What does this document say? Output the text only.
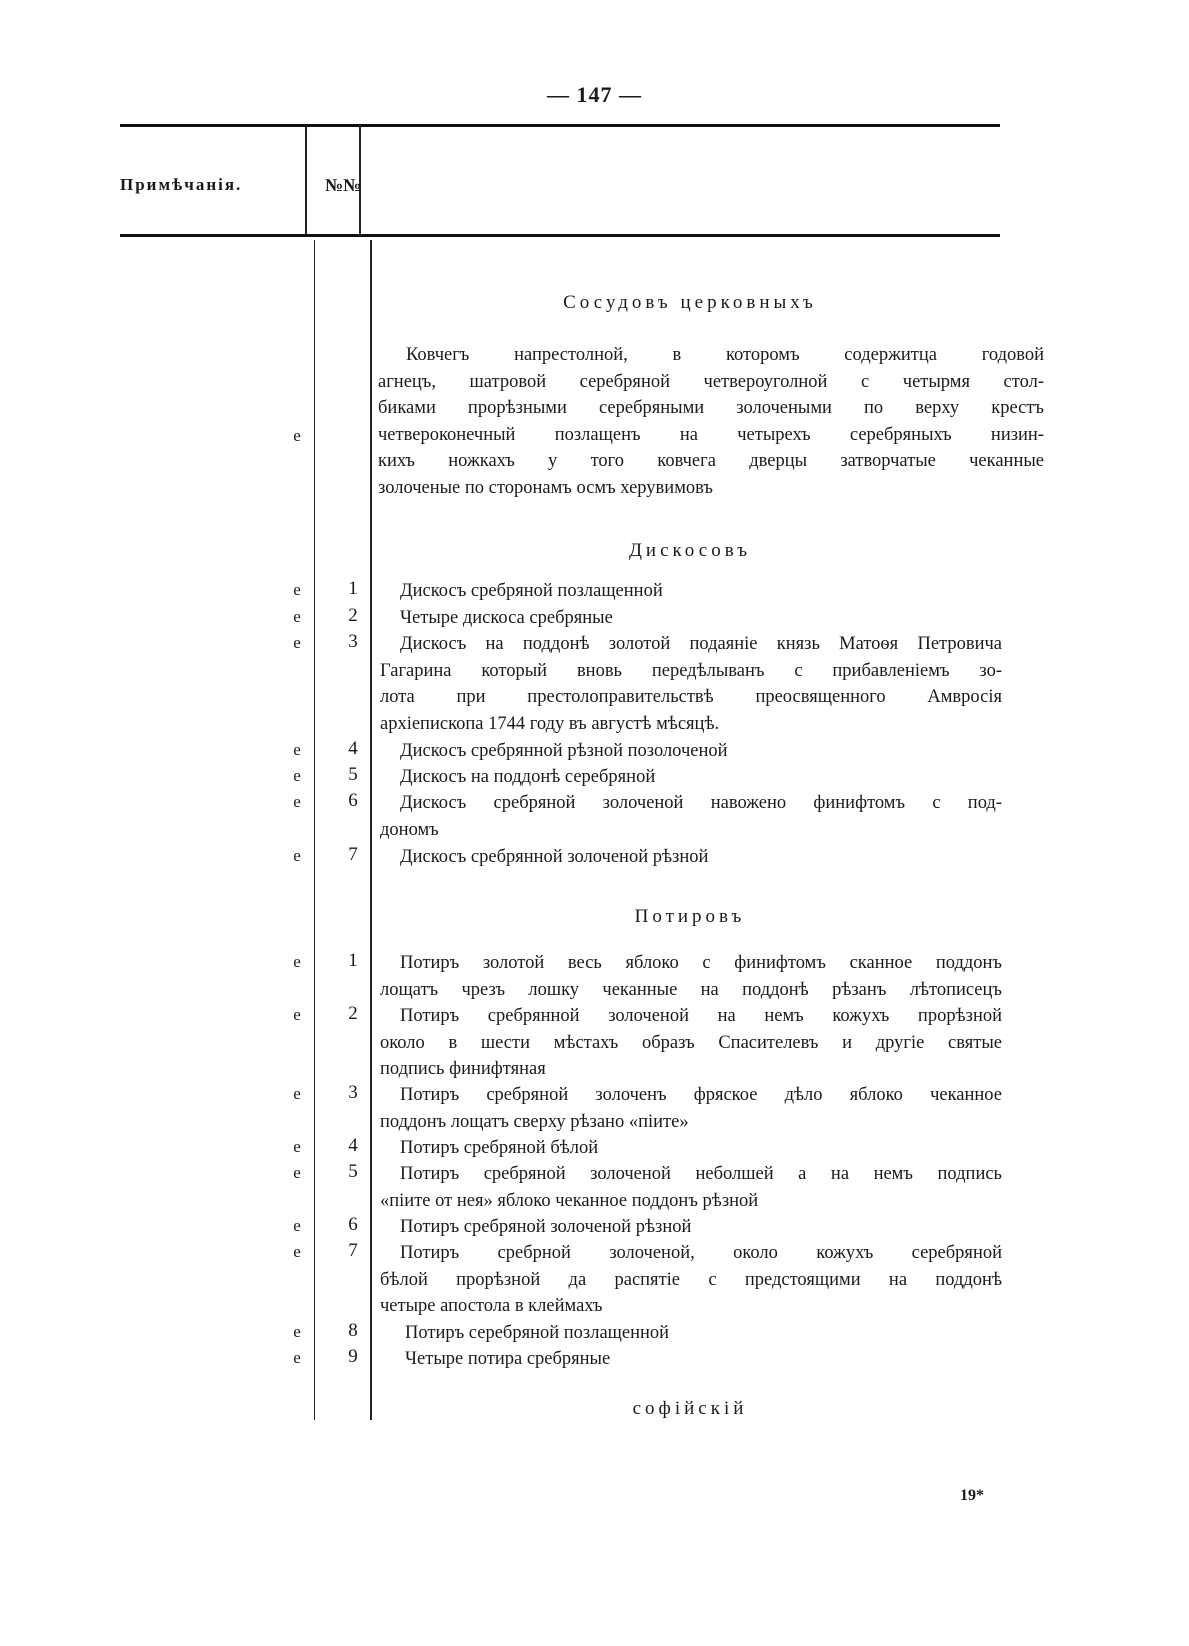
— 147 —
Примѣчанія.	№№
Сосудовъ церковныхъ
е
Ковчегъ напрестолной, в которомъ содержитца годовой
агнецъ, шатровой серебряной четвероуголной с четырмя стол-
биками прорѣзными серебряными золочеными по верху крестъ
четвероконечный позлащенъ на четырехъ серебряныхъ низин-
кихъ ножкахъ у того ковчега дверцы затворчатые чеканные
золоченые по сторонамъ осмъ херувимовъ
Дискосовъ
е	1	Дискосъ сребряной позлащенной
е	2	Четыре дискоса сребряные
е	3	Дискосъ на поддонѣ золотой подаяніе князь Матоѳя Петровича
Гагарина который вновь передѣлыванъ с прибавленіемъ зо-
лота при престолоправительствѣ преосвященного Амвросія
архіепископа 1744 году въ августѣ мѣсяцѣ.
е	4	Дискосъ сребрянной рѣзной позолоченой
е	5	Дискосъ на поддонѣ серебряной
е	6	Дискосъ сребряной золоченой навожено финифтомъ с под-
дономъ
е	7	Дискосъ сребрянной золоченой рѣзной
Потировъ
е	1	Потиръ золотой весь яблоко с финифтомъ сканное поддонъ
лощатъ чрезъ лошку чеканные на поддонѣ рѣзанъ лѣтописецъ
е	2	Потиръ сребрянной золоченой на немъ кожухъ прорѣзной
около в шести мѣстахъ образъ Спасителевъ и другіе святые
подпись финифтяная
е	3	Потиръ сребряной золоченъ фряское дѣло яблоко чеканное
поддонъ лощатъ сверху рѣзано «піите»
е	4	Потиръ сребряной бѣлой
е	5	Потиръ сребряной золоченой неболшей а на немъ подпись
«піите от нея» яблоко чеканное поддонъ рѣзной
е	6	Потиръ сребряной золоченой рѣзной
е	7	Потиръ сребрной золоченой, около кожухъ серебряной
бѣлой прорѣзной да распятіе с предстоящими на поддонѣ
четыре апостола в клеймахъ
е	8	Потиръ серебряной позлащенной
е	9	Четыре потира сребряные
софійскій
19*
